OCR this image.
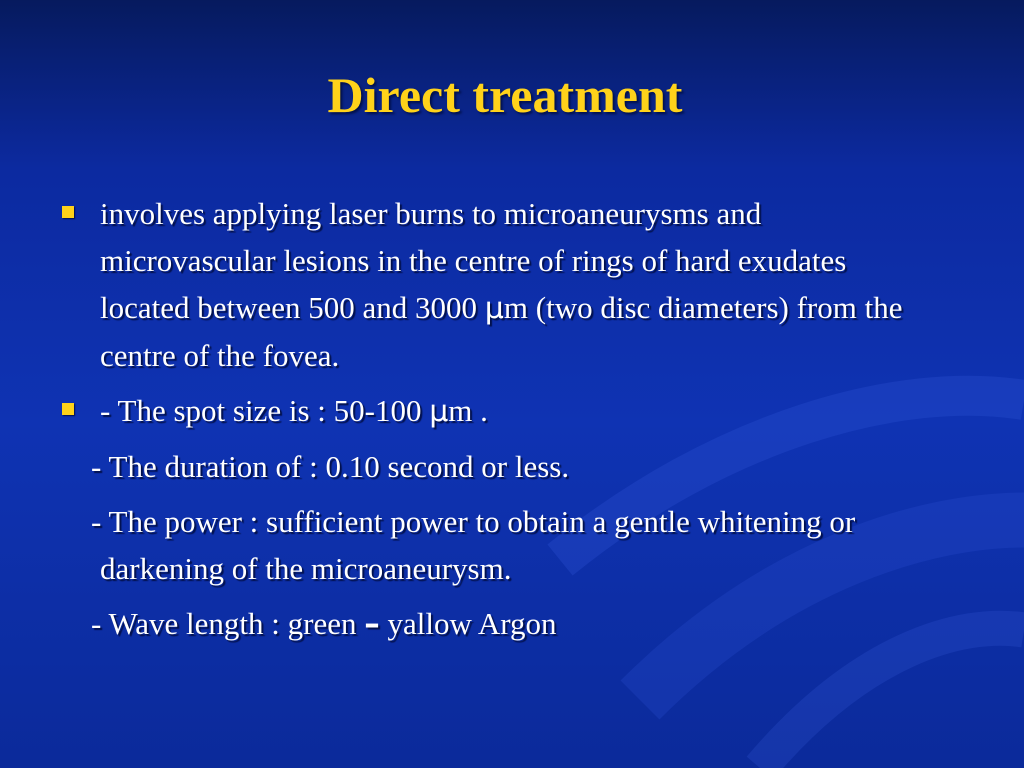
Direct treatment

involves applying laser burns to microaneurysms and microvascular lesions in the centre of rings of hard exudates located between 500 and 3000 μm (two disc diameters) from the centre of the fovea.

- The spot size is : 50-100 μm .

- The duration of : 0.10 second or less.

- The power : sufficient power to obtain a gentle whitening or darkening of the microaneurysm.

- Wave length : green – yallow Argon
